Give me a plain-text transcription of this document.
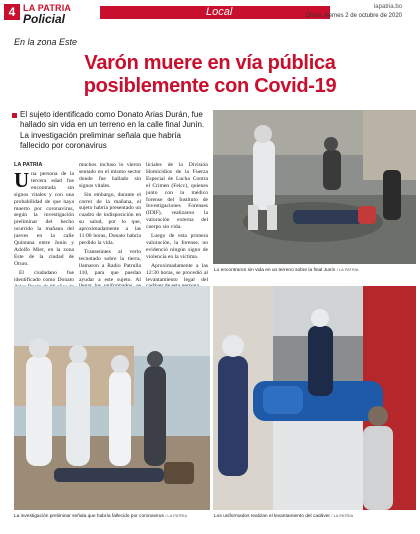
4 LA PATRIA
Policial	Local	lapatria.bo
Oruro, viernes 2 de octubre de 2020
En la zona Este
Varón muere en vía pública
posiblemente con Covid-19
El sujeto identificado como Donato Arias Durán, fue hallado sin vida en un terreno en la calle final Junín. La investigación preliminar señala que habría fallecido por coronavirus
LA PATRIA

Una persona de la tercera edad fue encontrada sin signos vitales y con una probabilidad de que haya muerto por coronavirus, según la investigación preliminar del hecho ocurrido la mañana del jueves en la calle Quintana entre Junín y Adolfo Mier, en la zona Este de la ciudad de Oruro.

El ciudadano fue identificado como Donato

muchos incluso lo vieron sentado en el mismo sector donde fue hallado sin signos vitales.

Sin embargo, durante el correr de la mañana, el sujeto habría presentado un cuadro de indisposición en su salud, por lo que, aproximadamente a las 11:00 horas, Donato habría perdido la vida.

Transeúntes al verlo tecnotado sobre la tierra, llamaron a Radio Patrulla 110, para que puedan ayudar a este sujeto. Al

liciales de la División Homicidios de la Fuerza Especial de Lucha Contra el Crimen (Felcc), quienes junto con la médico forense del Instituto de Investigaciones Forenses (IDIF), realizaron la valoración externa del cuerpo sin vida.

Luego de esta primera valoración, la forense, no evidenció ningún signo de violencia en la víctima.

Aproximadamente a las 12:30 horas, se procedió al levantamiento legal del

Lo encontraron sin vida en un terreno sobre la final Junín / LA PATRIA
La investigación preliminar señala que habría fallecido por coronavirus / LA PATRIA	Los uniformados realizan el levantamiento del cadáver / LA PATRIA
